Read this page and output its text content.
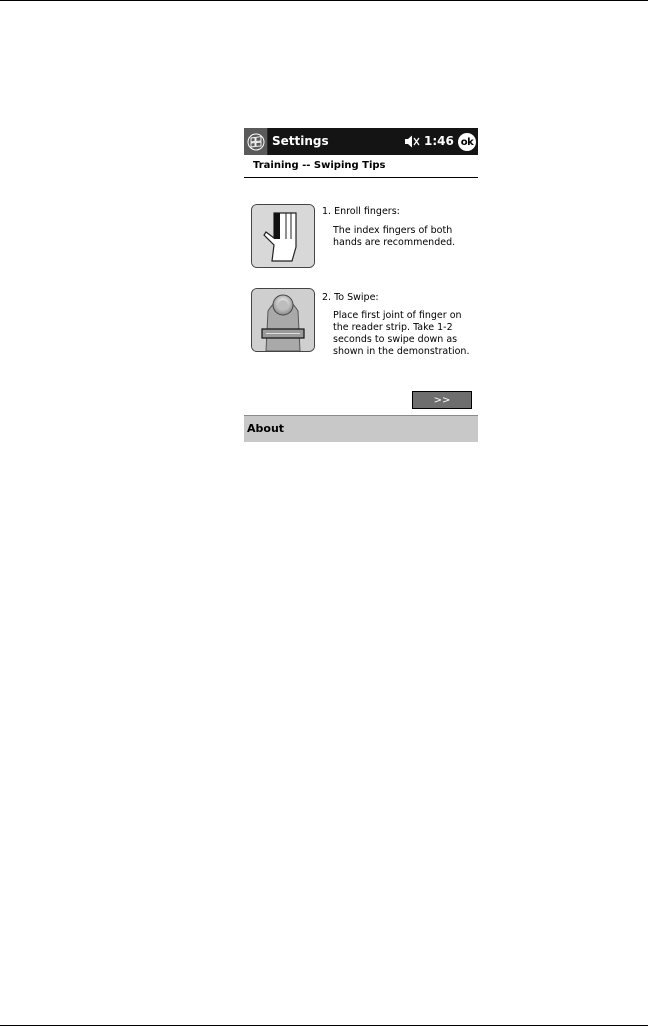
Settings	1:46 ok
Training -- Swiping Tips
1. Enroll fingers:
The index fingers of both hands are recommended.
2. To Swipe:
Place first joint of finger on the reader strip. Take 1-2 seconds to swipe down as shown in the demonstration.
>>
About
